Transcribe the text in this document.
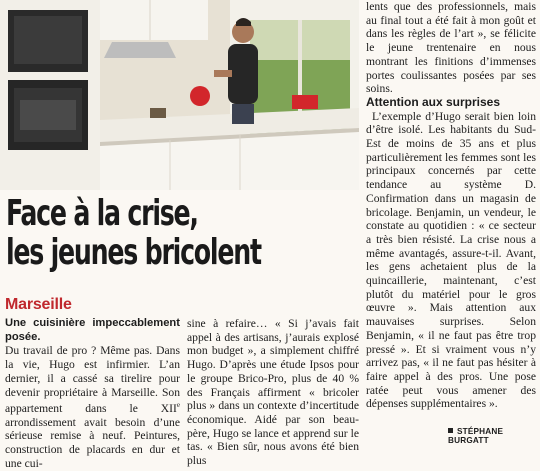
Face à la crise,
les jeunes bricolent
Marseille

Une cuisinière impeccablement posée.
Du travail de pro ? Même pas. Dans la vie, Hugo est infirmier. L’an dernier, il a cassé sa tirelire pour devenir propriétaire à Marseille. Son appartement dans le XIIe arrondissement avait besoin d’une sérieuse remise à neuf. Peintures, construction de placards en dur et une cui-

sine à refaire… « Si j’avais fait appel à des artisans, j’aurais explosé mon budget », a simplement chiffré Hugo. D’après une étude Ipsos pour le groupe Brico-Pro, plus de 40 % des Français affirment « bricoler plus » dans un contexte d’incertitude économique. Aidé par son beau-père, Hugo se lance et apprend sur le tas. « Bien sûr, nous avons été bien plus

lents que des professionnels, mais au final tout a été fait à mon goût et dans les règles de l’art », se félicite le jeune trentenaire en nous montrant les finitions d’immenses portes coulissantes posées par ses soins.

Attention aux surprises

L’exemple d’Hugo serait bien loin d’être isolé. Les habitants du Sud-Est de moins de 35 ans et plus particulièrement les femmes sont les principaux concernés par cette tendance au système D. Confirmation dans un magasin de bricolage. Benjamin, un vendeur, le constate au quotidien : « ce secteur a très bien résisté. La crise nous a même avantagés, assure-t-il. Avant, les gens achetaient plus de la quincaillerie, maintenant, c’est plutôt du matériel pour le gros œuvre ». Mais attention aux mauvaises surprises. Selon Benjamin, « il ne faut pas être trop pressé ». Et si vraiment vous n’y arrivez pas, « il ne faut pas hésiter à faire appel à des pros. Une pose ratée peut vous amener des dépenses supplémentaires ».

STÉPHANE BURGATT
